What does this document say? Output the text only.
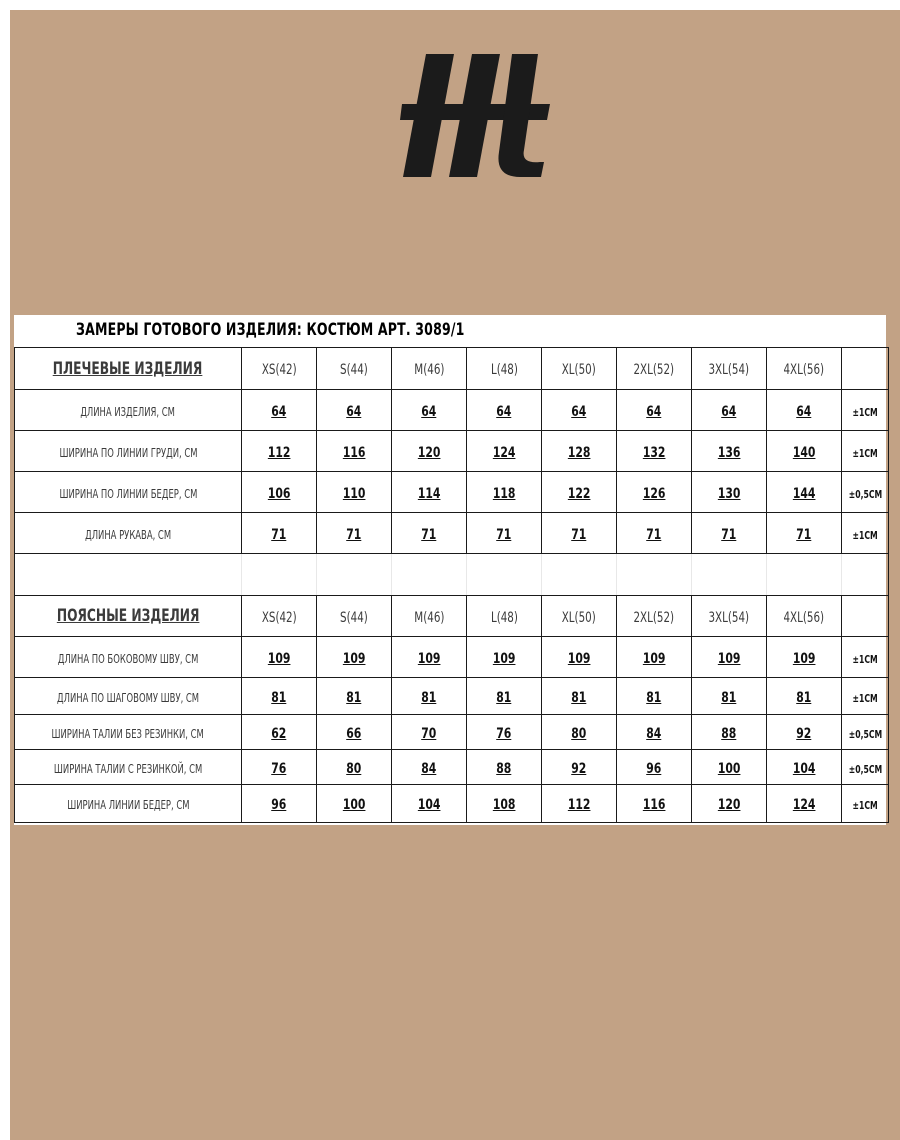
ЗАМЕРЫ ГОТОВОГО ИЗДЕЛИЯ: КОСТЮМ АРТ. 3089/1
ПЛЕЧЕВЫЕ ИЗДЕЛИЯ	XS(42)	S(44)	M(46)	L(48)	XL(50)	2XL(52)	3XL(54)	4XL(56)	
ДЛИНА ИЗДЕЛИЯ, СМ	64	64	64	64	64	64	64	64	±1СМ
ШИРИНА ПО ЛИНИИ ГРУДИ, СМ	112	116	120	124	128	132	136	140	±1СМ
ШИРИНА ПО ЛИНИИ БЕДЕР, СМ	106	110	114	118	122	126	130	144	±0,5СМ
ДЛИНА РУКАВА, СМ	71	71	71	71	71	71	71	71	±1СМ

ПОЯСНЫЕ ИЗДЕЛИЯ	XS(42)	S(44)	M(46)	L(48)	XL(50)	2XL(52)	3XL(54)	4XL(56)	
ДЛИНА ПО БОКОВОМУ ШВУ, СМ	109	109	109	109	109	109	109	109	±1СМ
ДЛИНА ПО ШАГОВОМУ ШВУ, СМ	81	81	81	81	81	81	81	81	±1СМ
ШИРИНА ТАЛИИ БЕЗ РЕЗИНКИ, СМ	62	66	70	76	80	84	88	92	±0,5СМ
ШИРИНА ТАЛИИ С РЕЗИНКОЙ, СМ	76	80	84	88	92	96	100	104	±0,5СМ
ШИРИНА ЛИНИИ БЕДЕР, СМ	96	100	104	108	112	116	120	124	±1СМ
